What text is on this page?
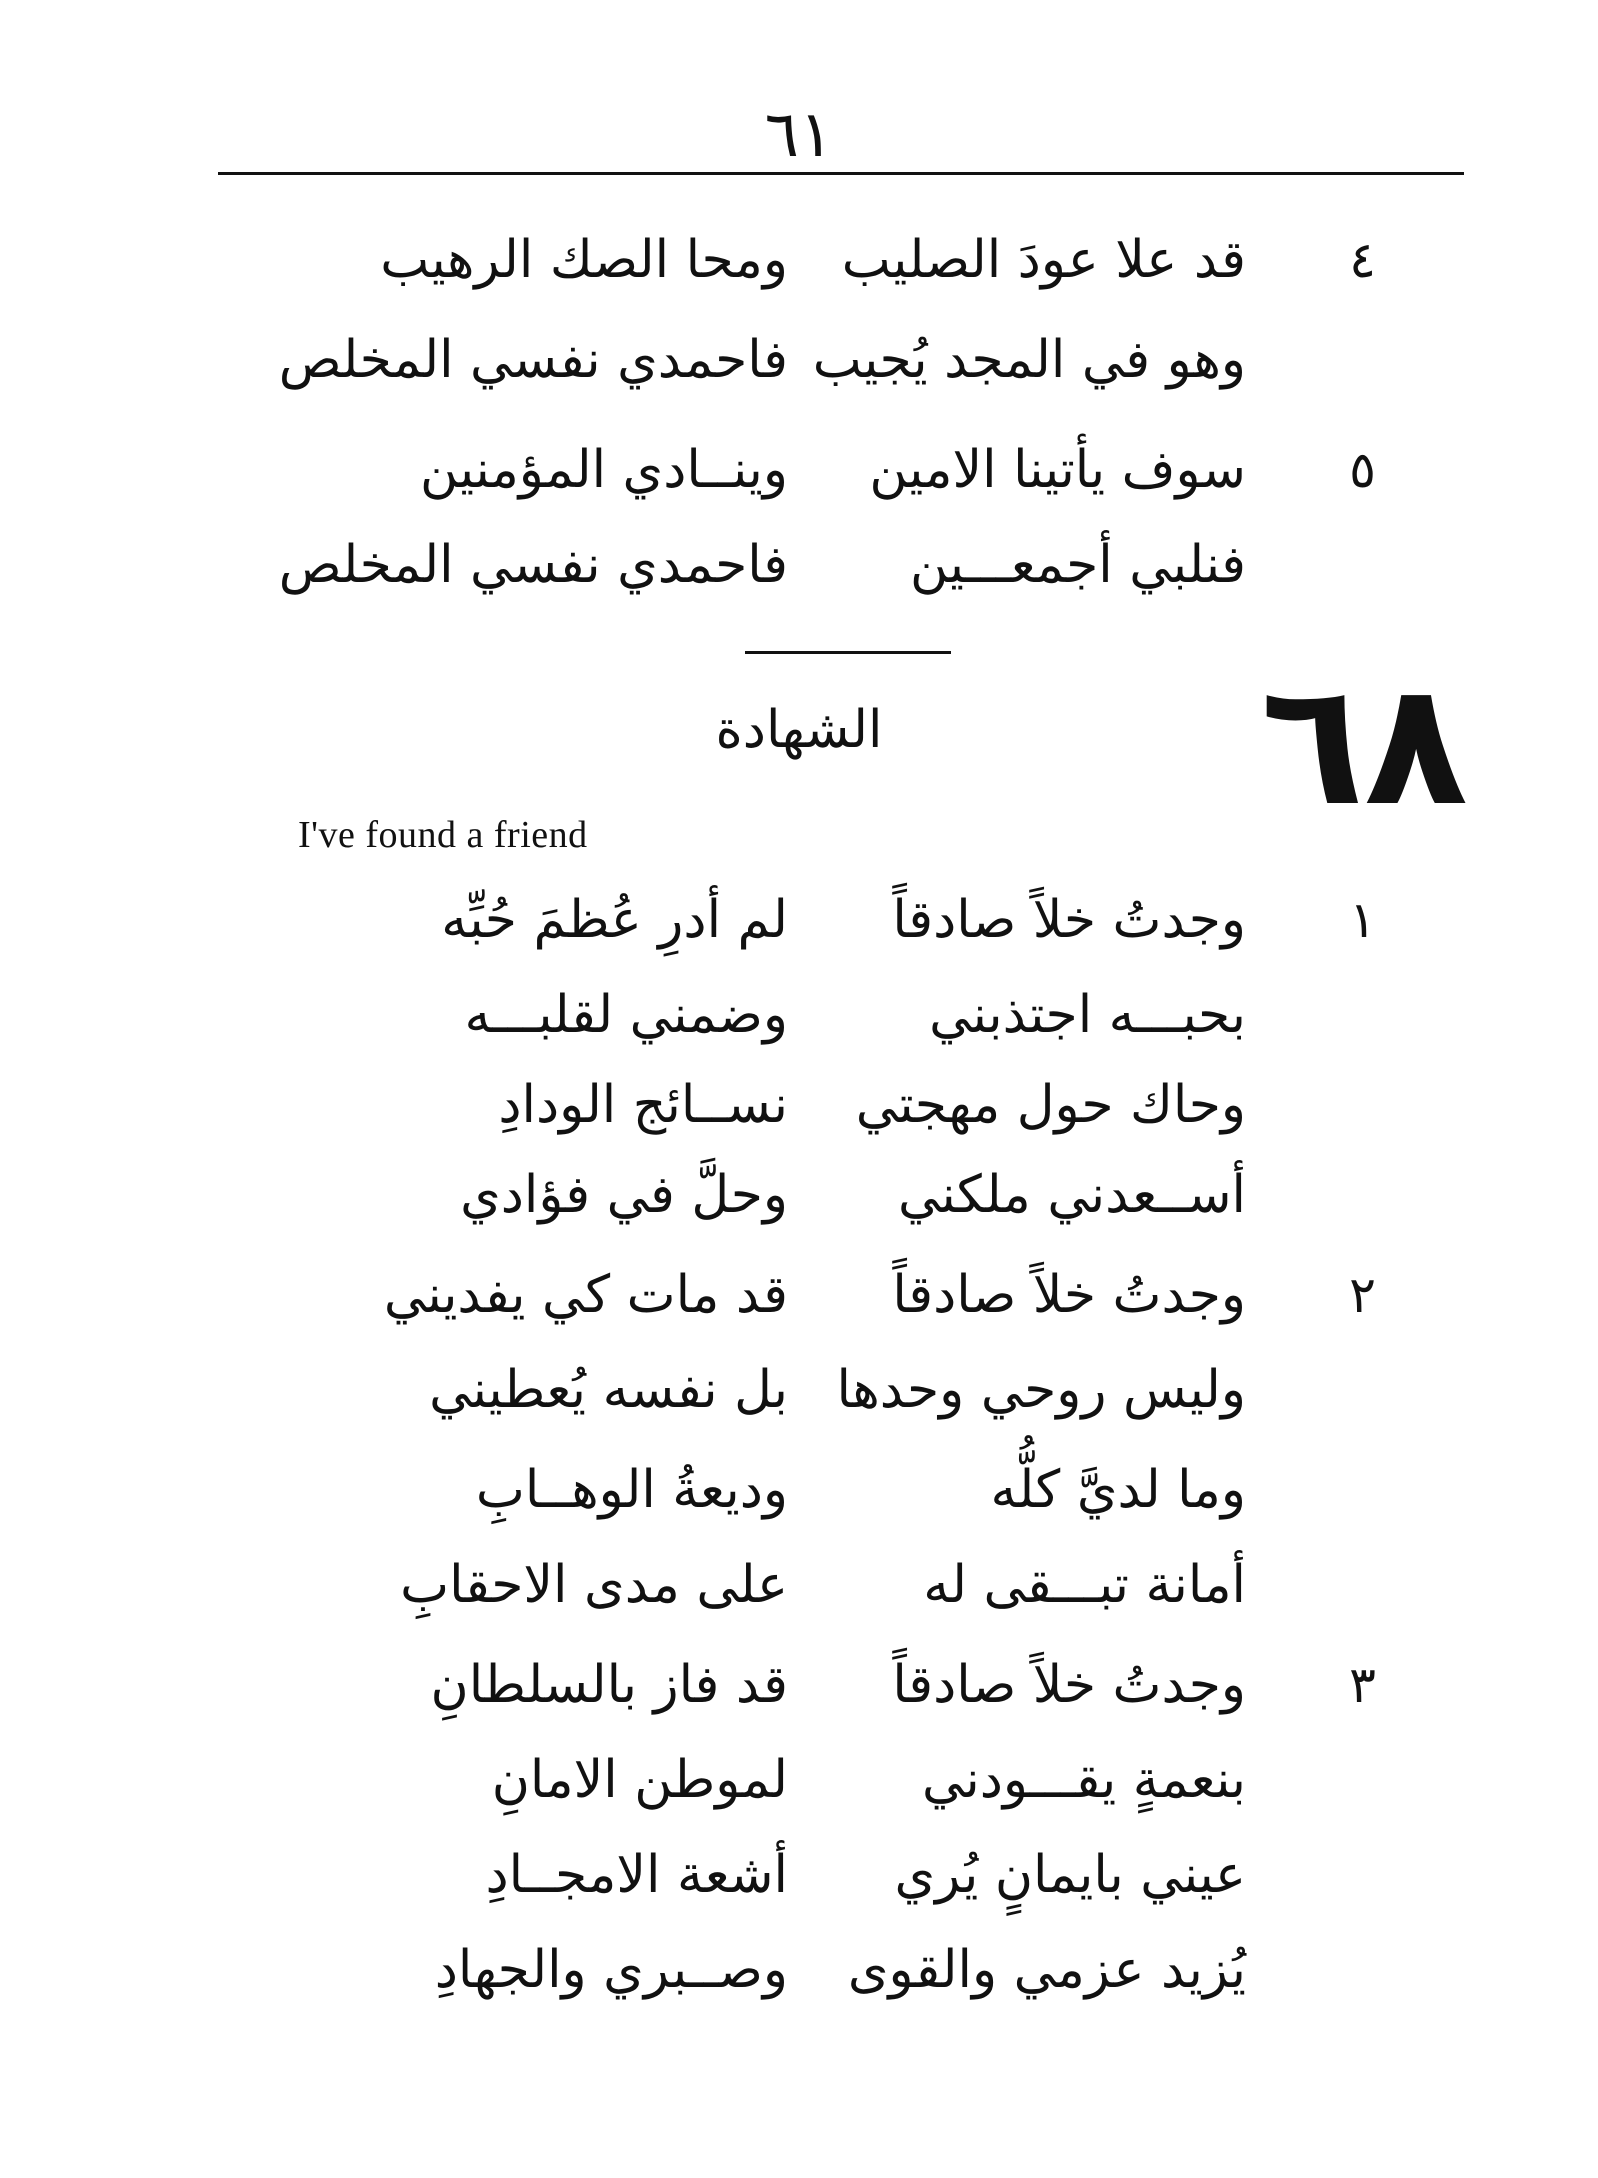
٦١
٤
قد علا عودَ الصليب
ومحا الصك الرهيب
وهو في المجد يُجيب
فاحمدي نفسي المخلص
٥
سوف يأتينا الامين
وينــادي المؤمنين
فنلبي أجمعـــين
فاحمدي نفسي المخلص
٦٨
الشهادة
I've found a friend
١
وجدتُ خلاً صادقاً
لم أدرِ عُظمَ حُبِّه
بحبـــه اجتذبني
وضمني لقلبـــه
وحاك حول مهجتي
نســائج الودادِ
أســعدني ملكني
وحلَّ في فؤادي
٢
وجدتُ خلاً صادقاً
قد مات كي يفديني
وليس روحي وحدها
بل نفسه يُعطيني
وما لديَّ كلُّه
وديعةُ الوهــابِ
أمانة تبـــقى له
على مدى الاحقابِ
٣
وجدتُ خلاً صادقاً
قد فاز بالسلطانِ
بنعمةٍ يقـــودني
لموطن الامانِ
عيني بايمانٍ يُري
أشعة الامجــادِ
يُزيد عزمي والقوى
وصــبري والجهادِ
